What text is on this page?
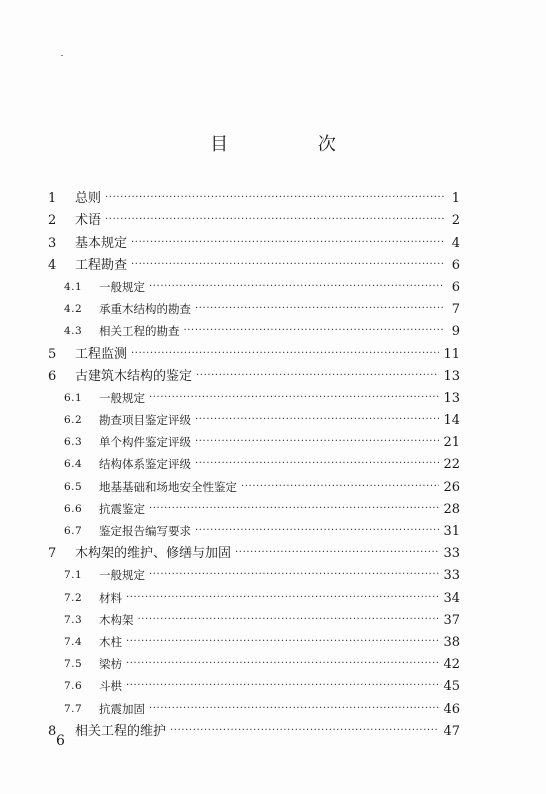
目 次
1	总则 ·····	1
2	术语 ·····	2
3	基本规定 ·····	4
4	工程勘查 ·····	6
4.1	一般规定 ·····	6
4.2	承重木结构的勘查 ·····	7
4.3	相关工程的勘查 ·····	9
5	工程监测 ·····	11
6	古建筑木结构的鉴定 ·····	13
6.1	一般规定 ·····	13
6.2	勘查项目鉴定评级 ·····	14
6.3	单个构件鉴定评级 ·····	21
6.4	结构体系鉴定评级 ·····	22
6.5	地基基础和场地安全性鉴定 ·····	26
6.6	抗震鉴定 ·····	28
6.7	鉴定报告编写要求 ·····	31
7	木构架的维护、修缮与加固 ·····	33
7.1	一般规定 ·····	33
7.2	材料 ·····	34
7.3	木构架 ·····	37
7.4	木柱 ·····	38
7.5	梁枋 ·····	42
7.6	斗栱 ·····	45
7.7	抗震加固 ·····	46
8	相关工程的维护 ·····	47
6
